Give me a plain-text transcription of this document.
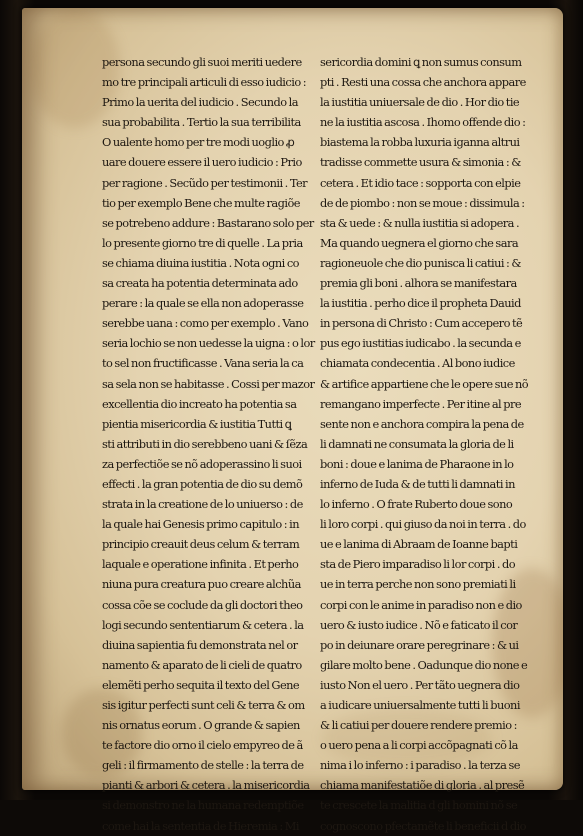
persona secundo gli suoi meriti uedere
mo tre principali articuli di esso iudicio :
Primo la uerita del iudicio . Secundo la
sua probabilita . Tertio la sua terribilita
O ualente homo per tre modi uoglio ꝓ
uare douere essere il uero iudicio : Prio
per ragione . Secũdo per testimonii . Ter
tio per exemplo Bene che multe ragiõe
se potrebeno addure : Bastarano solo per
lo presente giorno tre di quelle . La pria
se chiama diuina iustitia . Nota ogni co
sa creata ha potentia determinata ado
perare : la quale se ella non adoperasse
serebbe uana : como per exemplo . Vano
seria lochio se non uedesse la uigna : o lor
to sel non fructificasse . Vana seria la ca
sa sela non se habitasse . Cossi per mazor
excellentia dio increato ha potentia sa
pientia misericordia & iustitia Tutti ꝗ
sti attributi in dio serebbeno uani & ſẽza
za perfectiõe se nõ adoperassino li suoi
effecti . la gran potentia de dio su demõ
strata in la creatione de lo uniuerso : de
la quale hai Genesis primo capitulo : in
principio creauit deus celum & terram
laquale e operatione infinita . Et perho
niuna pura creatura puo creare alchũa
cossa cõe se coclude da gli doctori theo
logi secundo sententiarum & cetera . la
diuina sapientia fu demonstrata nel or
namento & aparato de li cieli de quatro
elemẽti perho sequita il texto del Gene
sis igitur perfecti sunt celi & terra & om
nis ornatus eorum . O grande & sapien
te factore dio orno il cielo empyreo de ã
geli : il firmamento de stelle : la terra de
pianti & arbori & cetera . la misericordia
si demonstro ne la humana redemptiõe
come hai la sententia de Hieremia : Mi
sericordia domini ꝗ non sumus consum
pti . Resti una cossa che anchora appare
la iustitia uniuersale de dio . Hor dio tie
ne la iustitia ascosa . Ihomo offende dio :
biastema la robba luxuria iganna altrui
tradisse commette usura & simonia : &
cetera . Et idio tace : sopporta con elpie
de de piombo : non se moue : dissimula :
sta & uede : & nulla iustitia si adopera .
Ma quando uegnera el giorno che sara
ragioneuole che dio punisca li catiui : &
premia gli boni . alhora se manifestara
la iustitia . perho dice il propheta Dauid
in persona di Christo : Cum accepero tẽ
pus ego iustitias iudicabo . la secunda e
chiamata condecentia . Al bono iudice
& artifice appartiene che le opere sue nõ
remangano imperfecte . Per itine al pre
sente non e anchora compira la pena de
li damnati ne consumata la gloria de li
boni : doue e lanima de Pharaone in lo
inferno de Iuda & de tutti li damnati in
lo inferno . O frate Ruberto doue sono
li loro corpi . qui giuso da noi in terra . do
ue e lanima di Abraam de Ioanne bapti
sta de Piero imparadiso li lor corpi . do
ue in terra perche non sono premiati li
corpi con le anime in paradiso non e dio
uero & iusto iudice . Nõ e faticato il cor
po in deiunare orare peregrinare : & ui
gilare molto bene . Oadunque dio none e
iusto Non el uero . Per tãto uegnera dio
a iudicare uniuersalmente tutti li buoni
& li catiui per douere rendere premio :
o uero pena a li corpi accõpagnati cõ la
nima i lo inferno : i paradiso . la terza se
chiama manifestatiõe di gloria . al presẽ
te crescete la malitia d gli homini nõ se
cognoscono pfectamẽte li beneficii d dio
